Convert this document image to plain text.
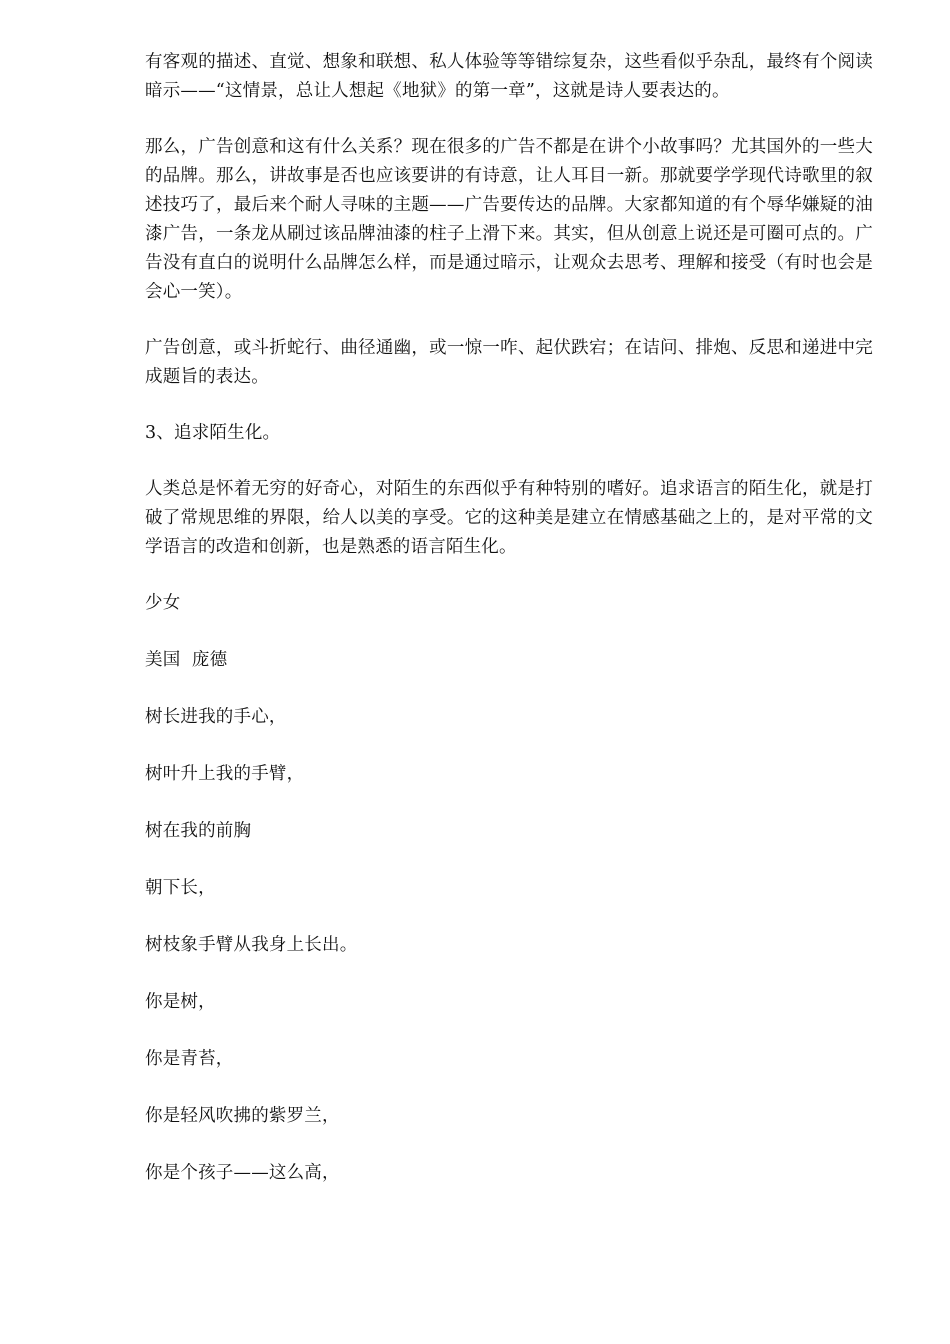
有客观的描述、直觉、想象和联想、私人体验等等错综复杂，这些看似乎杂乱，最终有个阅读暗示——“这情景，总让人想起《地狱》的第一章”，这就是诗人要表达的。

那么，广告创意和这有什么关系？现在很多的广告不都是在讲个小故事吗？尤其国外的一些大的品牌。那么，讲故事是否也应该要讲的有诗意，让人耳目一新。那就要学学现代诗歌里的叙述技巧了，最后来个耐人寻味的主题——广告要传达的品牌。大家都知道的有个辱华嫌疑的油漆广告，一条龙从刷过该品牌油漆的柱子上滑下来。其实，但从创意上说还是可圈可点的。广告没有直白的说明什么品牌怎么样，而是通过暗示，让观众去思考、理解和接受（有时也会是会心一笑）。

广告创意，或斗折蛇行、曲径通幽，或一惊一咋、起伏跌宕；在诘问、排炮、反思和递进中完成题旨的表达。

3、追求陌生化。

人类总是怀着无穷的好奇心，对陌生的东西似乎有种特别的嗜好。追求语言的陌生化，就是打破了常规思维的界限，给人以美的享受。它的这种美是建立在情感基础之上的，是对平常的文学语言的改造和创新，也是熟悉的语言陌生化。

少女

美国  庞德

树长进我的手心，

树叶升上我的手臂，

树在我的前胸

朝下长，

树枝象手臂从我身上长出。

你是树，

你是青苔，

你是轻风吹拂的紫罗兰，

你是个孩子——这么高，
